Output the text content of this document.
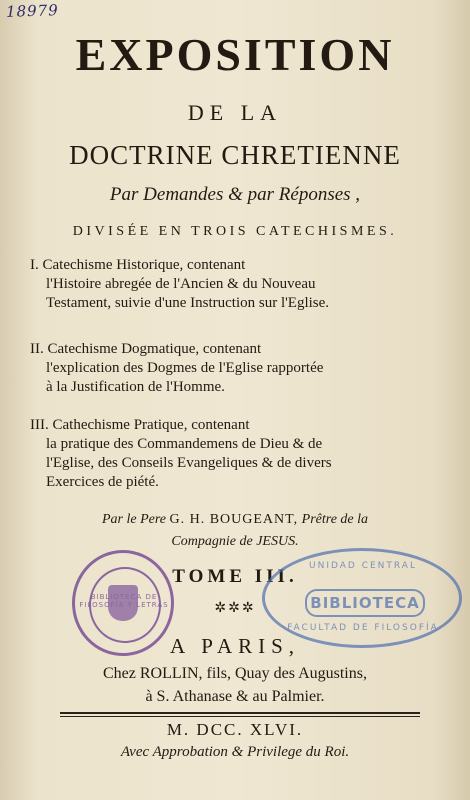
18979
EXPOSITION
DE LA
DOCTRINE CHRETIENNE
Par Demandes & par Réponses ,
DIVISÉE EN TROIS CATECHISMES.
I. Catechisme Historique, contenant
l'Histoire abregée de l'Ancien & du Nouveau
Testament, suivie d'une Instruction sur l'Eglise.
II. Catechisme Dogmatique, contenant
l'explication des Dogmes de l'Eglise rapportée
à la Justification de l'Homme.
III. Cathechisme Pratique, contenant
la pratique des Commandemens de Dieu & de
l'Eglise, des Conseils Evangeliques & de divers
Exercices de piété.
Par le Pere G. H. BOUGEANT, Prêtre de la
Compagnie de JESUS.
TOME III.
✲✲✲
A PARIS,
Chez ROLLIN, fils, Quay des Augustins,
à S. Athanase & au Palmier.
M. DCC. XLVI.
Avec Approbation & Privilege du Roi.
BIBLIOTECA DE FILOSOFÍA Y LETRAS
UNIDAD CENTRAL
BIBLIOTECA
FACULTAD DE FILOSOFÍA
